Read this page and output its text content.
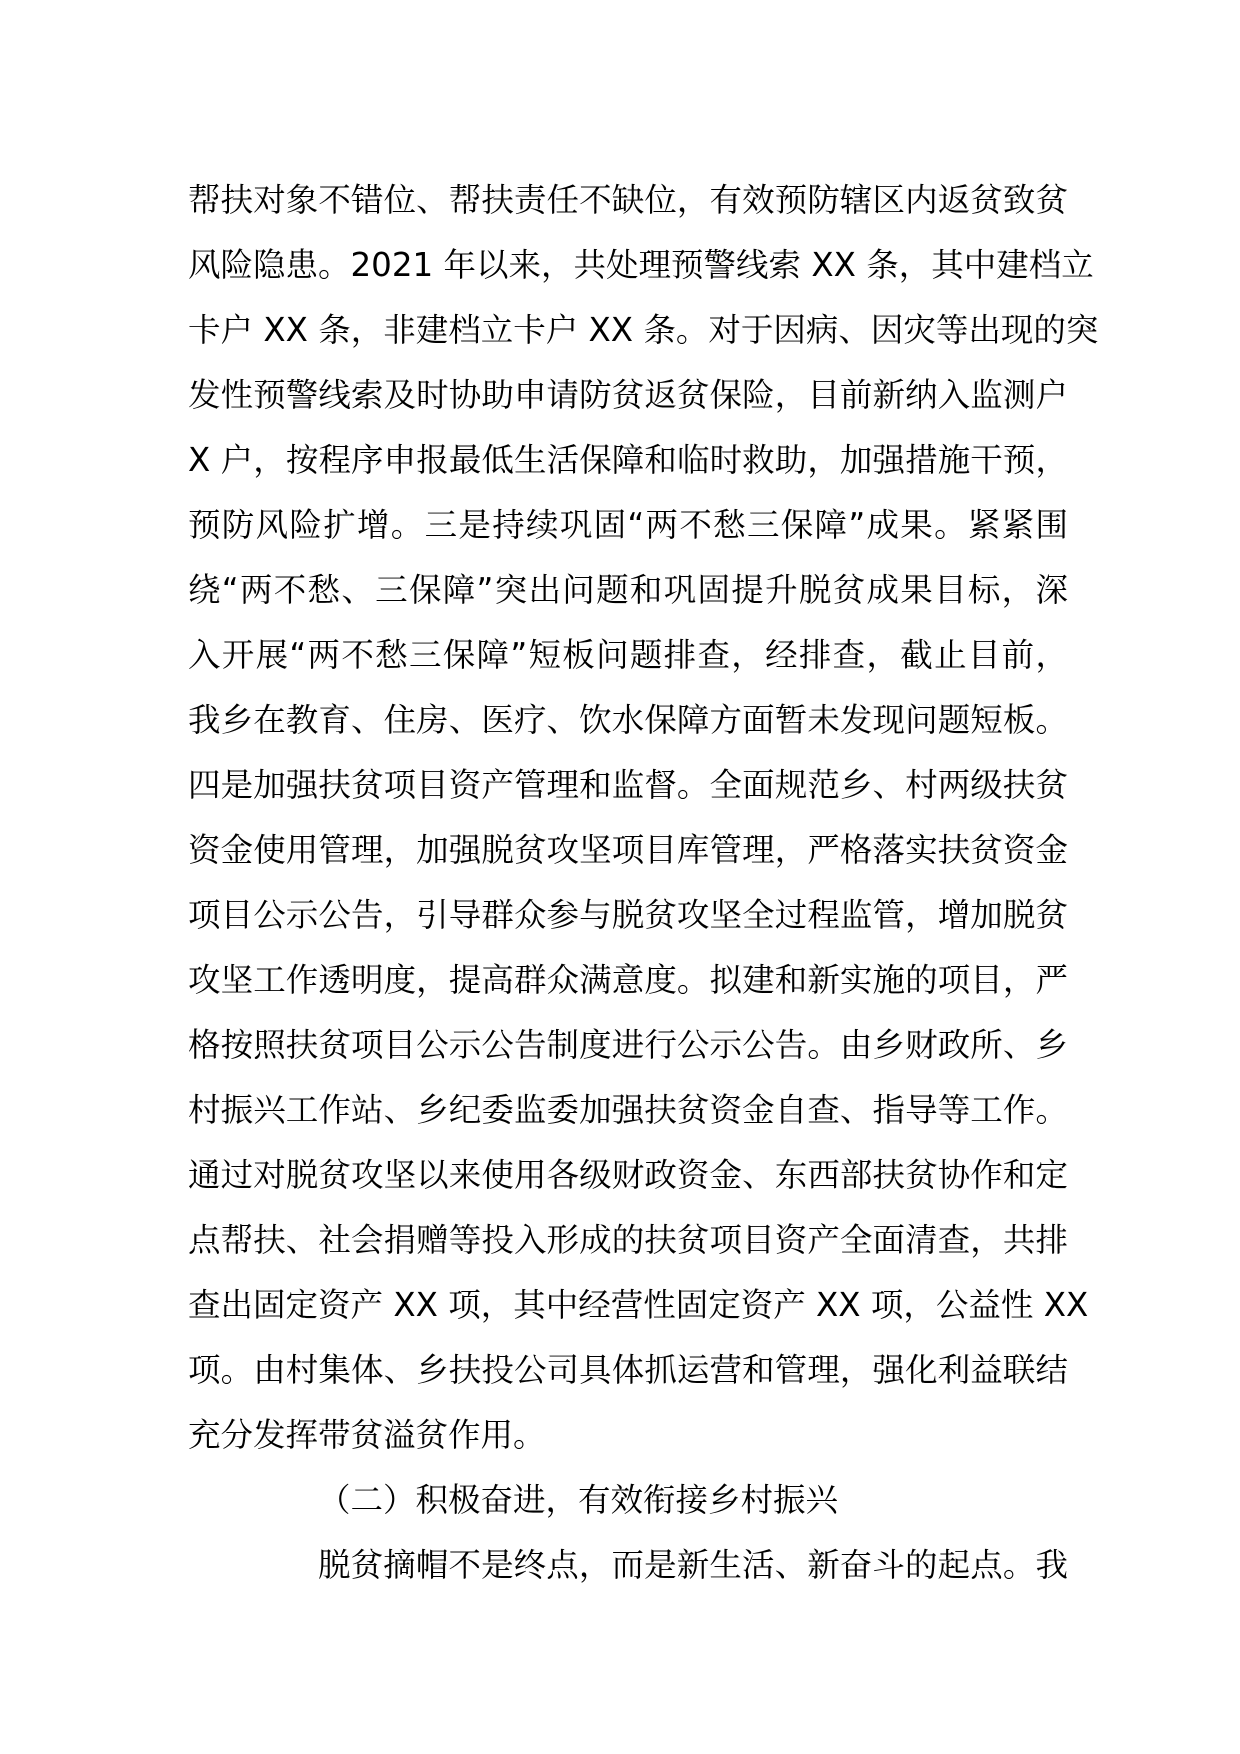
帮扶对象不错位、帮扶责任不缺位，有效预防辖区内返贫致贫
风险隐患。2021 年以来，共处理预警线索 XX 条，其中建档立
卡户 XX 条，非建档立卡户 XX 条。对于因病、因灾等出现的突
发性预警线索及时协助申请防贫返贫保险，目前新纳入监测户
X 户，按程序申报最低生活保障和临时救助，加强措施干预，
预防风险扩增。三是持续巩固“两不愁三保障”成果。紧紧围
绕“两不愁、三保障”突出问题和巩固提升脱贫成果目标，深
入开展“两不愁三保障”短板问题排查，经排查，截止目前，
我乡在教育、住房、医疗、饮水保障方面暂未发现问题短板。
四是加强扶贫项目资产管理和监督。全面规范乡、村两级扶贫
资金使用管理，加强脱贫攻坚项目库管理，严格落实扶贫资金
项目公示公告，引导群众参与脱贫攻坚全过程监管，增加脱贫
攻坚工作透明度，提高群众满意度。拟建和新实施的项目，严
格按照扶贫项目公示公告制度进行公示公告。由乡财政所、乡
村振兴工作站、乡纪委监委加强扶贫资金自查、指导等工作。
通过对脱贫攻坚以来使用各级财政资金、东西部扶贫协作和定
点帮扶、社会捐赠等投入形成的扶贫项目资产全面清查，共排
查出固定资产 XX 项，其中经营性固定资产 XX 项，公益性 XX
项。由村集体、乡扶投公司具体抓运营和管理，强化利益联结
充分发挥带贫溢贫作用。
（二）积极奋进，有效衔接乡村振兴
脱贫摘帽不是终点，而是新生活、新奋斗的起点。我
